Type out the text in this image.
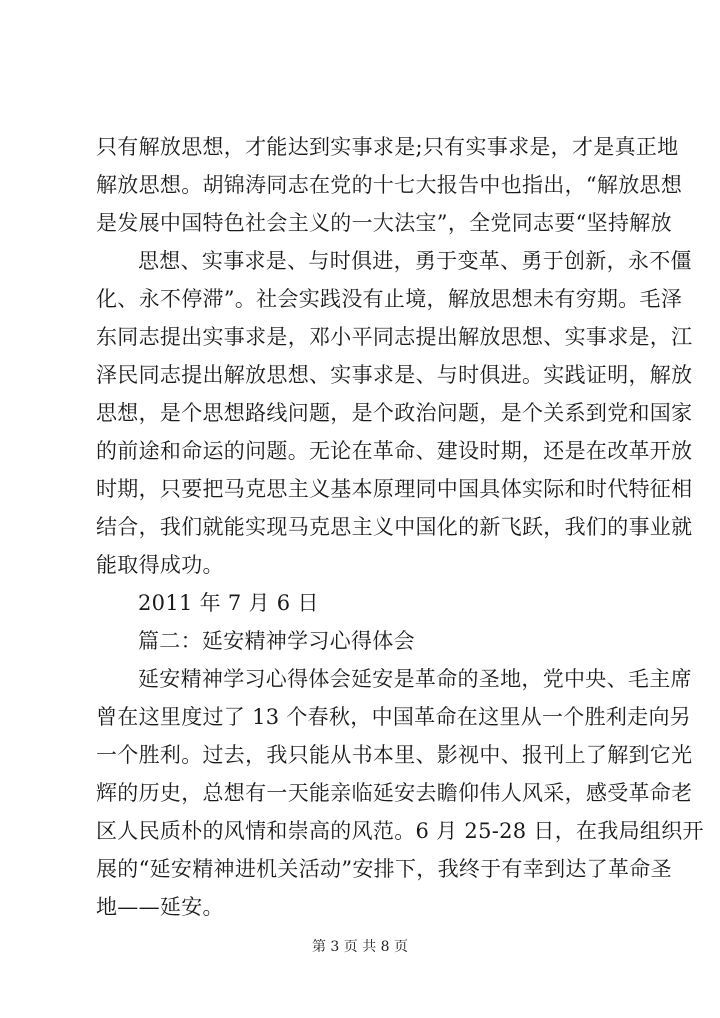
只有解放思想，才能达到实事求是;只有实事求是，才是真正地
解放思想。胡锦涛同志在党的十七大报告中也指出，“解放思想
是发展中国特色社会主义的一大法宝”，全党同志要“坚持解放
思想、实事求是、与时俱进，勇于变革、勇于创新，永不僵
化、永不停滞”。社会实践没有止境，解放思想未有穷期。毛泽
东同志提出实事求是，邓小平同志提出解放思想、实事求是，江
泽民同志提出解放思想、实事求是、与时俱进。实践证明，解放
思想，是个思想路线问题，是个政治问题，是个关系到党和国家
的前途和命运的问题。无论在革命、建设时期，还是在改革开放
时期，只要把马克思主义基本原理同中国具体实际和时代特征相
结合，我们就能实现马克思主义中国化的新飞跃，我们的事业就
能取得成功。
2011 年 7 月 6 日
篇二：延安精神学习心得体会
延安精神学习心得体会延安是革命的圣地，党中央、毛主席
曾在这里度过了 13 个春秋，中国革命在这里从一个胜利走向另
一个胜利。过去，我只能从书本里、影视中、报刊上了解到它光
辉的历史，总想有一天能亲临延安去瞻仰伟人风采，感受革命老
区人民质朴的风情和崇高的风范。6 月 25-28 日，在我局组织开
展的“延安精神进机关活动”安排下，我终于有幸到达了革命圣
地——延安。
第 3 页 共 8 页
